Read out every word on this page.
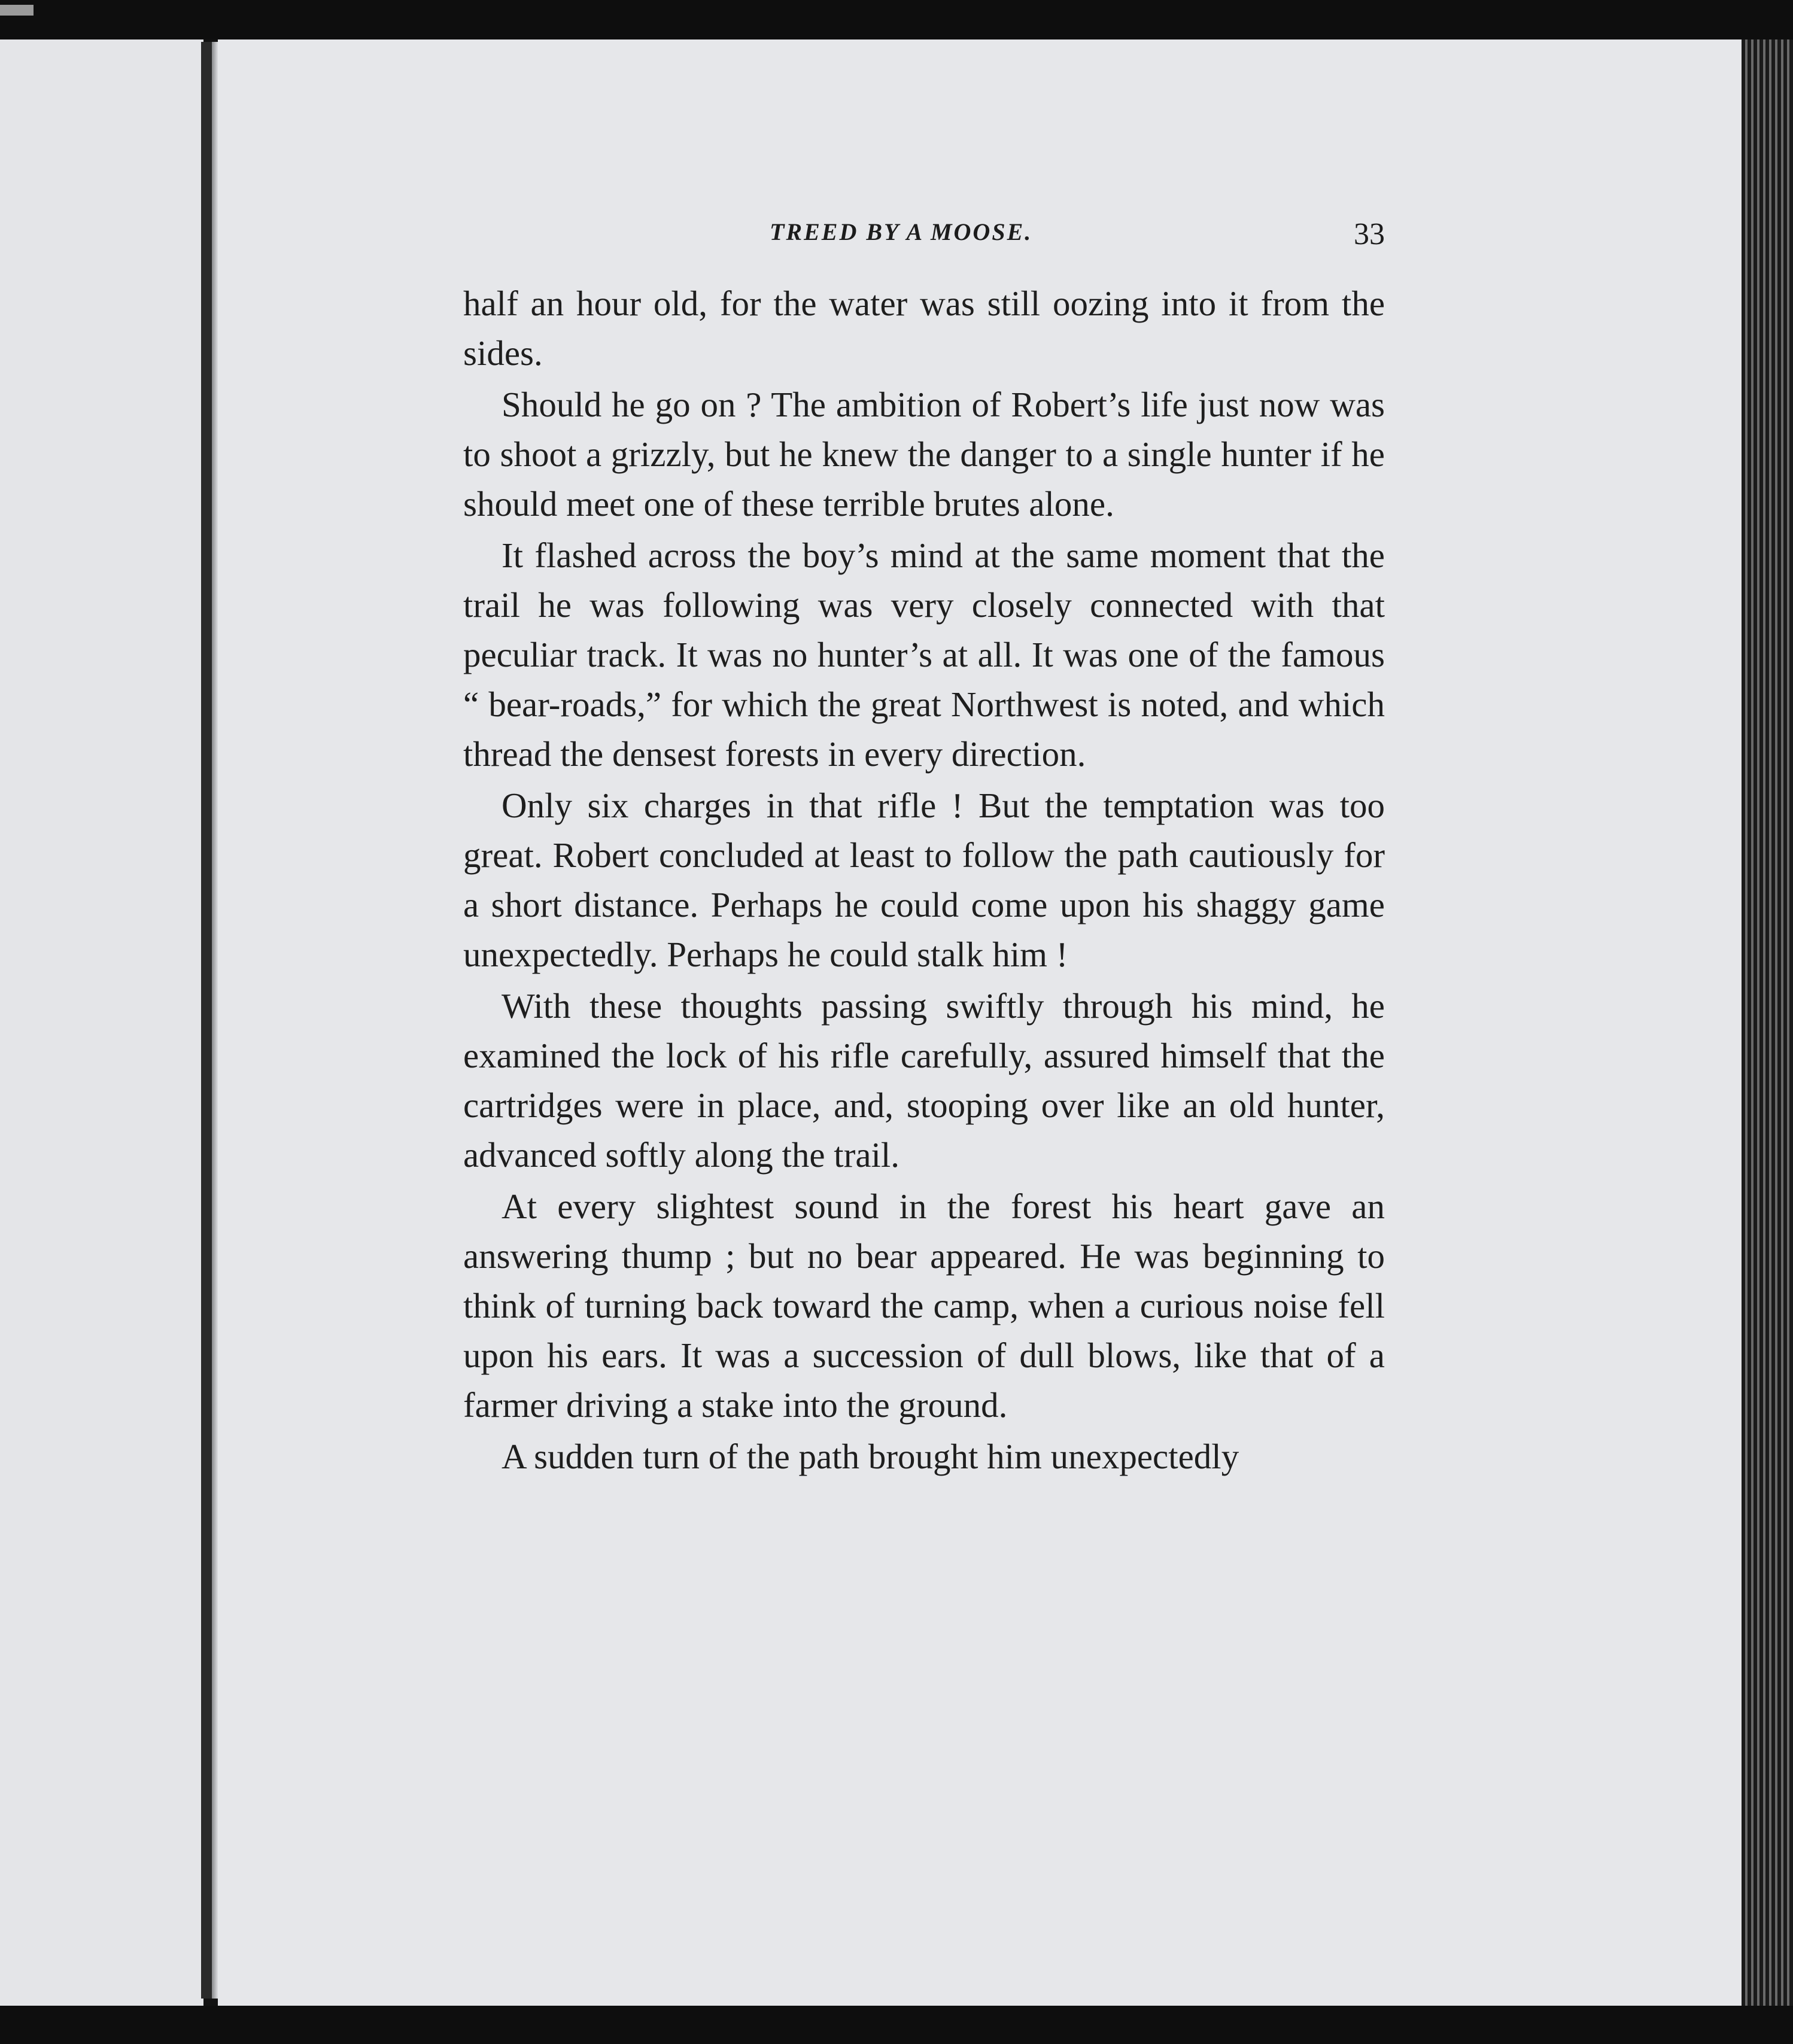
TREED BY A MOOSE.	33

half an hour old, for the water was still oozing into it from the sides.

Should he go on ? The ambition of Robert’s life just now was to shoot a grizzly, but he knew the danger to a single hunter if he should meet one of these terrible brutes alone.

It flashed across the boy’s mind at the same moment that the trail he was following was very closely connected with that peculiar track. It was no hunter’s at all. It was one of the famous “ bear-roads,” for which the great Northwest is noted, and which thread the densest forests in every direction.

Only six charges in that rifle ! But the temptation was too great. Robert concluded at least to follow the path cautiously for a short distance. Perhaps he could come upon his shaggy game unexpectedly. Perhaps he could stalk him !

With these thoughts passing swiftly through his mind, he examined the lock of his rifle carefully, assured himself that the cartridges were in place, and, stooping over like an old hunter, advanced softly along the trail.

At every slightest sound in the forest his heart gave an answering thump ; but no bear appeared. He was beginning to think of turning back toward the camp, when a curious noise fell upon his ears. It was a succession of dull blows, like that of a farmer driving a stake into the ground.

A sudden turn of the path brought him unexpectedly
